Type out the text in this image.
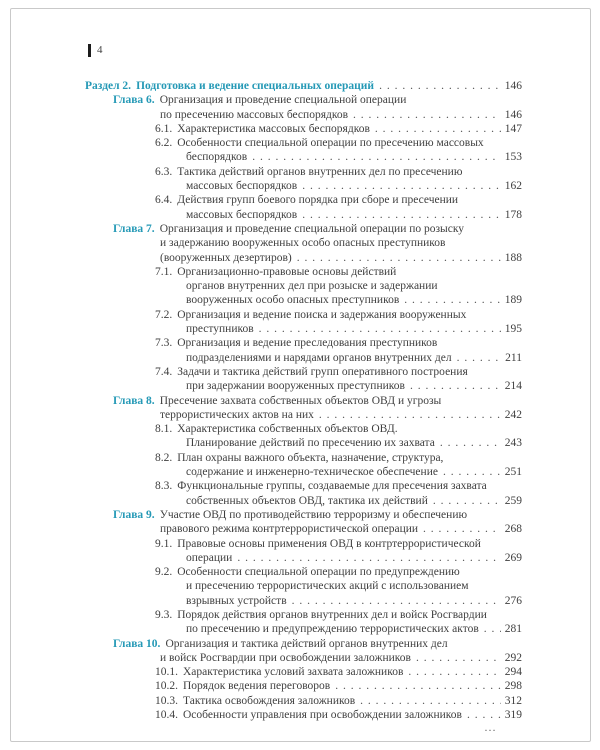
4
Раздел 2. Подготовка и ведение специальных операций . . .	146
Глава 6. Организация и проведение специальной операции
по пресечению массовых беспорядков . . .	146
6.1. Характеристика массовых беспорядков . . .	147
6.2. Особенности специальной операции по пресечению массовых
беспорядков . . .	153
6.3. Тактика действий органов внутренних дел по пресечению
массовых беспорядков . . .	162
6.4. Действия групп боевого порядка при сборе и пресечении
массовых беспорядков . . .	178
Глава 7. Организация и проведение специальной операции по розыску
и задержанию вооруженных особо опасных преступников
(вооруженных дезертиров) . . .	188
7.1. Организационно-правовые основы действий
органов внутренних дел при розыске и задержании
вооруженных особо опасных преступников . . .	189
7.2. Организация и ведение поиска и задержания вооруженных
преступников . . .	195
7.3. Организация и ведение преследования преступников
подразделениями и нарядами органов внутренних дел . . .	211
7.4. Задачи и тактика действий групп оперативного построения
при задержании вооруженных преступников . . .	214
Глава 8. Пресечение захвата собственных объектов ОВД и угрозы
террористических актов на них . . .	242
8.1. Характеристика собственных объектов ОВД.
Планирование действий по пресечению их захвата . . .	243
8.2. План охраны важного объекта, назначение, структура,
содержание и инженерно-техническое обеспечение . . .	251
8.3. Функциональные группы, создаваемые для пресечения захвата
собственных объектов ОВД, тактика их действий . . .	259
Глава 9. Участие ОВД по противодействию терроризму и обеспечению
правового режима контртеррористической операции . . .	268
9.1. Правовые основы применения ОВД в контртеррористической
операции . . .	269
9.2. Особенности специальной операции по предупреждению
и пресечению террористических акций с использованием
взрывных устройств . . .	276
9.3. Порядок действия органов внутренних дел и войск Росгвардии
по пресечению и предупреждению террористических актов . . . 281
Глава 10. Организация и тактика действий органов внутренних дел
и войск Росгвардии при освобождении заложников . . .	292
10.1. Характеристика условий захвата заложников . . .	294
10.2. Порядок ведения переговоров . . .	298
10.3. Тактика освобождения заложников . . .	312
10.4. Особенности управления при освобождении заложников . . .	319
…
